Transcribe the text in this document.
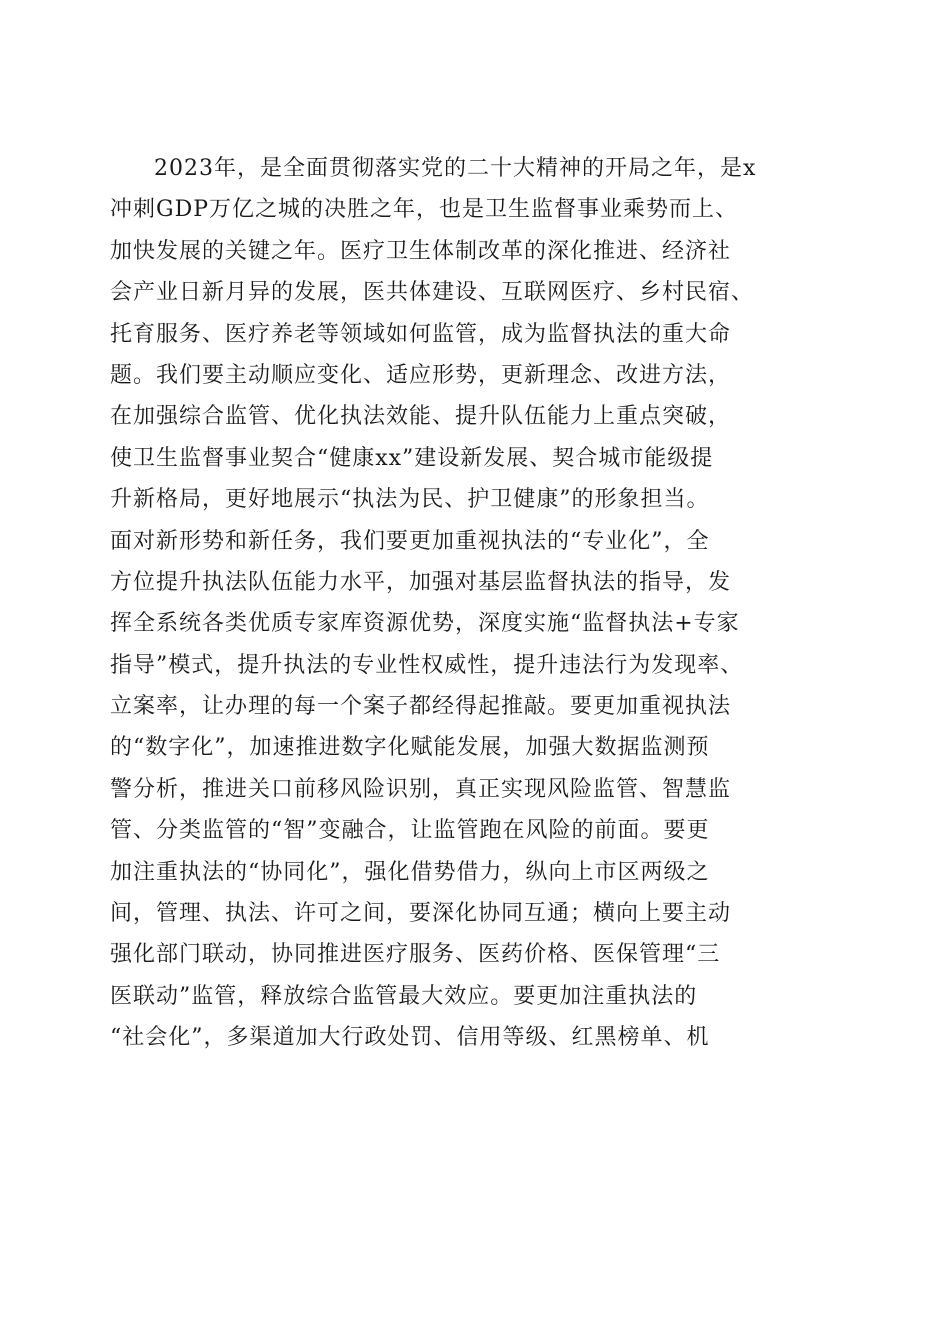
2023年，是全面贯彻落实党的二十大精神的开局之年，是x
冲刺GDP万亿之城的决胜之年，也是卫生监督事业乘势而上、
加快发展的关键之年。医疗卫生体制改革的深化推进、经济社
会产业日新月异的发展，医共体建设、互联网医疗、乡村民宿、
托育服务、医疗养老等领域如何监管，成为监督执法的重大命
题。我们要主动顺应变化、适应形势，更新理念、改进方法，
在加强综合监管、优化执法效能、提升队伍能力上重点突破，
使卫生监督事业契合“健康xx”建设新发展、契合城市能级提
升新格局，更好地展示“执法为民、护卫健康”的形象担当。
面对新形势和新任务，我们要更加重视执法的“专业化”，全
方位提升执法队伍能力水平，加强对基层监督执法的指导，发
挥全系统各类优质专家库资源优势，深度实施“监督执法+专家
指导”模式，提升执法的专业性权威性，提升违法行为发现率、
立案率，让办理的每一个案子都经得起推敲。要更加重视执法
的“数字化”，加速推进数字化赋能发展，加强大数据监测预
警分析，推进关口前移风险识别，真正实现风险监管、智慧监
管、分类监管的“智”变融合，让监管跑在风险的前面。要更
加注重执法的“协同化”，强化借势借力，纵向上市区两级之
间，管理、执法、许可之间，要深化协同互通；横向上要主动
强化部门联动，协同推进医疗服务、医药价格、医保管理“三
医联动”监管，释放综合监管最大效应。要更加注重执法的
“社会化”，多渠道加大行政处罚、信用等级、红黑榜单、机
